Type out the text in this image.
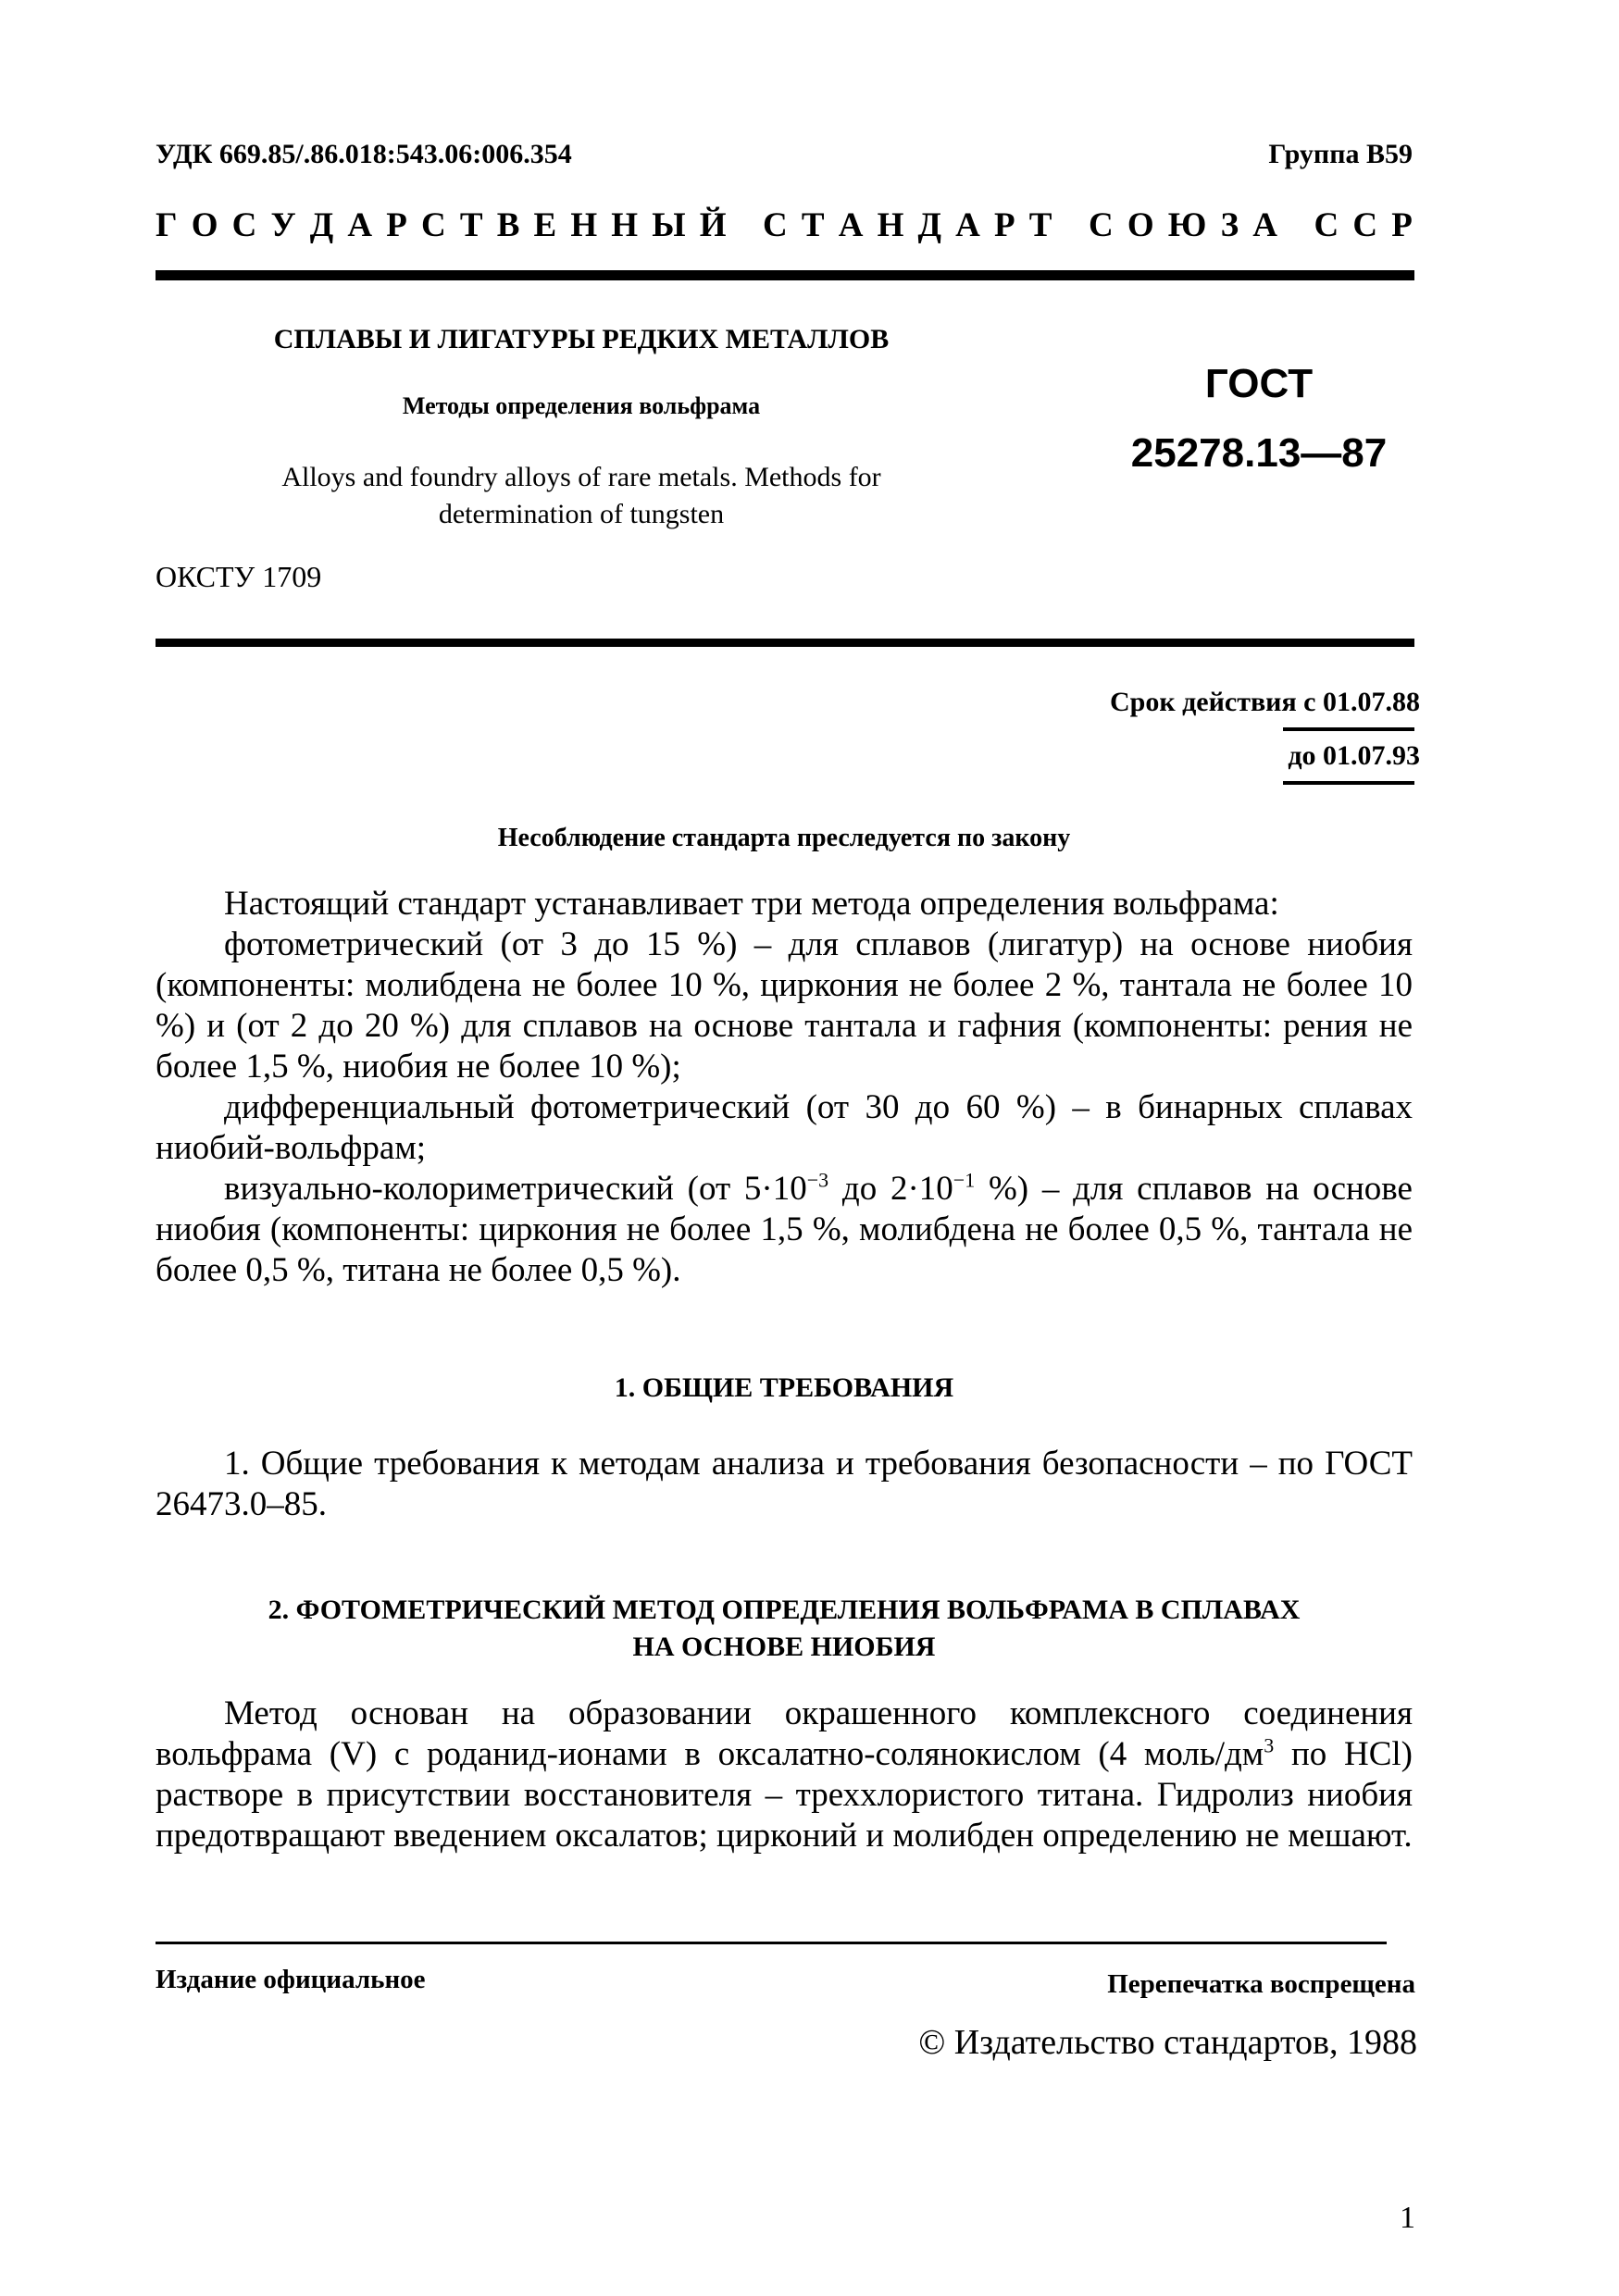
УДК 669.85/.86.018:543.06:006.354	Группа В59
Г О С У Д А Р С Т В Е Н Н Ы Й
С Т А Н Д А Р Т
С О Ю З А
С С Р
СПЛАВЫ И ЛИГАТУРЫ РЕДКИХ МЕТАЛЛОВ
Методы определения вольфрама
Alloys and foundry alloys of rare metals. Methods for
determination of tungsten
ГОСТ
25278.13—87
ОКСТУ 1709
Срок действия с 01.07.88
до 01.07.93
Несоблюдение стандарта преследуется по закону

Настоящий стандарт устанавливает три метода определения вольфрама:

фотометрический (от 3 до 15 %) – для сплавов (лигатур) на основе ниобия (компоненты: молибдена не более 10 %, циркония не более 2 %, тантала не более 10 %) и (от 2 до 20 %) для сплавов на основе тантала и гафния (компоненты: рения не более 1,5 %, ниобия не более 10 %);

дифференциальный фотометрический (от 30 до 60 %) – в бинарных сплавах ниобий-вольфрам;

визуально-колориметрический (от $5\cdot 10^{-3}$ до $2\cdot 10^{-1}$ %) – для сплавов на основе ниобия (компоненты: циркония не более 1,5 %, молибдена не более 0,5 %, тантала не более 0,5 %, титана не более 0,5 %).

1. ОБЩИЕ ТРЕБОВАНИЯ

1. Общие требования к методам анализа и требования безопасности – по ГОСТ 26473.0–85.

2. ФОТОМЕТРИЧЕСКИЙ МЕТОД ОПРЕДЕЛЕНИЯ ВОЛЬФРАМА В СПЛАВАХ
НА ОСНОВЕ НИОБИЯ

Метод основан на образовании окрашенного комплексного соединения вольфрама (V) с роданид-ионами в оксалатно-солянокислом (4 моль/$дм^3$ по HCl) растворе в присутствии восстановителя – треххлористого титана. Гидролиз ниобия предотвращают введением оксалатов; цирконий и молибден определению не мешают.

Издание официальное	Перепечатка воспрещена
© Издательство стандартов, 1988
1
